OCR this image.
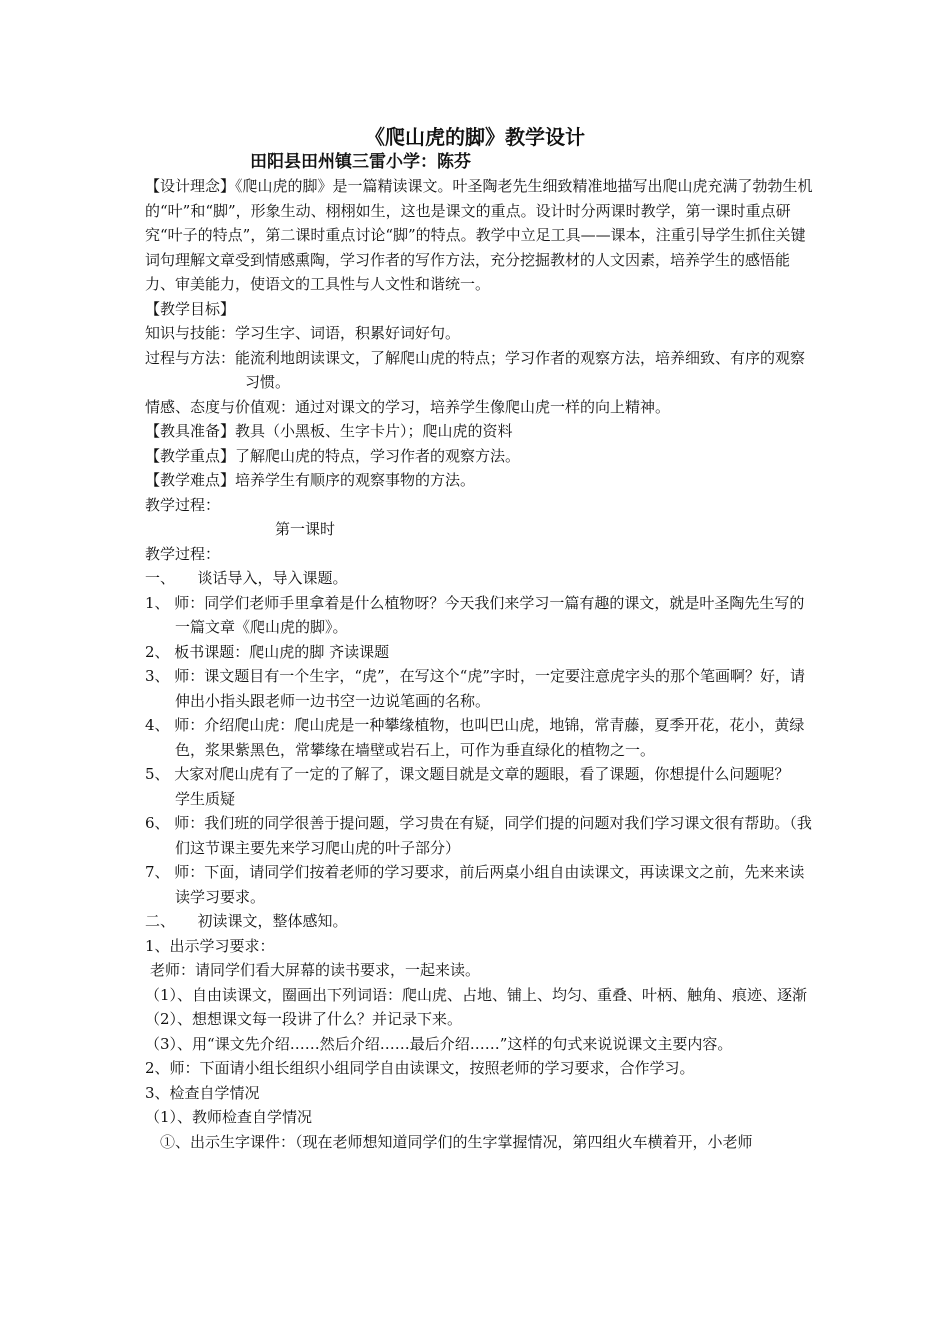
《爬山虎的脚》教学设计
田阳县田州镇三雷小学：陈芬

【设计理念】《爬山虎的脚》是一篇精读课文。叶圣陶老先生细致精准地描写出爬山虎充满了勃勃生机的“叶”和“脚”，形象生动、栩栩如生，这也是课文的重点。设计时分两课时教学，第一课时重点研究“叶子的特点”，第二课时重点讨论“脚”的特点。教学中立足工具——课本，注重引导学生抓住关键词句理解文章受到情感熏陶，学习作者的写作方法，充分挖掘教材的人文因素，培养学生的感悟能力、审美能力，使语文的工具性与人文性和谐统一。

【教学目标】

知识与技能：学习生字、词语，积累好词好句。

过程与方法：能流利地朗读课文，了解爬山虎的特点；学习作者的观察方法，培养细致、有序的观察习惯。

情感、态度与价值观：通过对课文的学习，培养学生像爬山虎一样的向上精神。

【教具准备】教具（小黑板、生字卡片）；爬山虎的资料

【教学重点】了解爬山虎的特点，学习作者的观察方法。

【教学难点】培养学生有顺序的观察事物的方法。

教学过程：

第一课时

教学过程：

一、　　谈话导入，导入课题。

1、 师：同学们老师手里拿着是什么植物呀？今天我们来学习一篇有趣的课文，就是叶圣陶先生写的一篇文章《爬山虎的脚》。

2、 板书课题：爬山虎的脚 齐读课题

3、 师：课文题目有一个生字，“虎”，在写这个“虎”字时，一定要注意虎字头的那个笔画啊？好，请伸出小指头跟老师一边书空一边说笔画的名称。

4、 师：介绍爬山虎：爬山虎是一种攀缘植物，也叫巴山虎，地锦，常青藤，夏季开花，花小，黄绿色，浆果紫黑色，常攀缘在墙壁或岩石上，可作为垂直绿化的植物之一。

5、 大家对爬山虎有了一定的了解了，课文题目就是文章的题眼，看了课题，你想提什么问题呢？

学生质疑

6、 师：我们班的同学很善于提问题，学习贵在有疑，同学们提的问题对我们学习课文很有帮助。（我们这节课主要先来学习爬山虎的叶子部分）

7、 师：下面，请同学们按着老师的学习要求，前后两桌小组自由读课文，再读课文之前，先来来读读学习要求。

二、　　初读课文，整体感知。

1、出示学习要求：

老师：请同学们看大屏幕的读书要求，一起来读。

（1）、自由读课文，圈画出下列词语：爬山虎、占地、铺上、均匀、重叠、叶柄、触角、痕迹、逐渐

（2）、想想课文每一段讲了什么？并记录下来。

（3）、用“课文先介绍……然后介绍……最后介绍……”这样的句式来说说课文主要内容。

2、师：下面请小组长组织小组同学自由读课文，按照老师的学习要求，合作学习。

3、检查自学情况

（1）、教师检查自学情况

①、出示生字课件：（现在老师想知道同学们的生字掌握情况，第四组火车横着开，小老师
